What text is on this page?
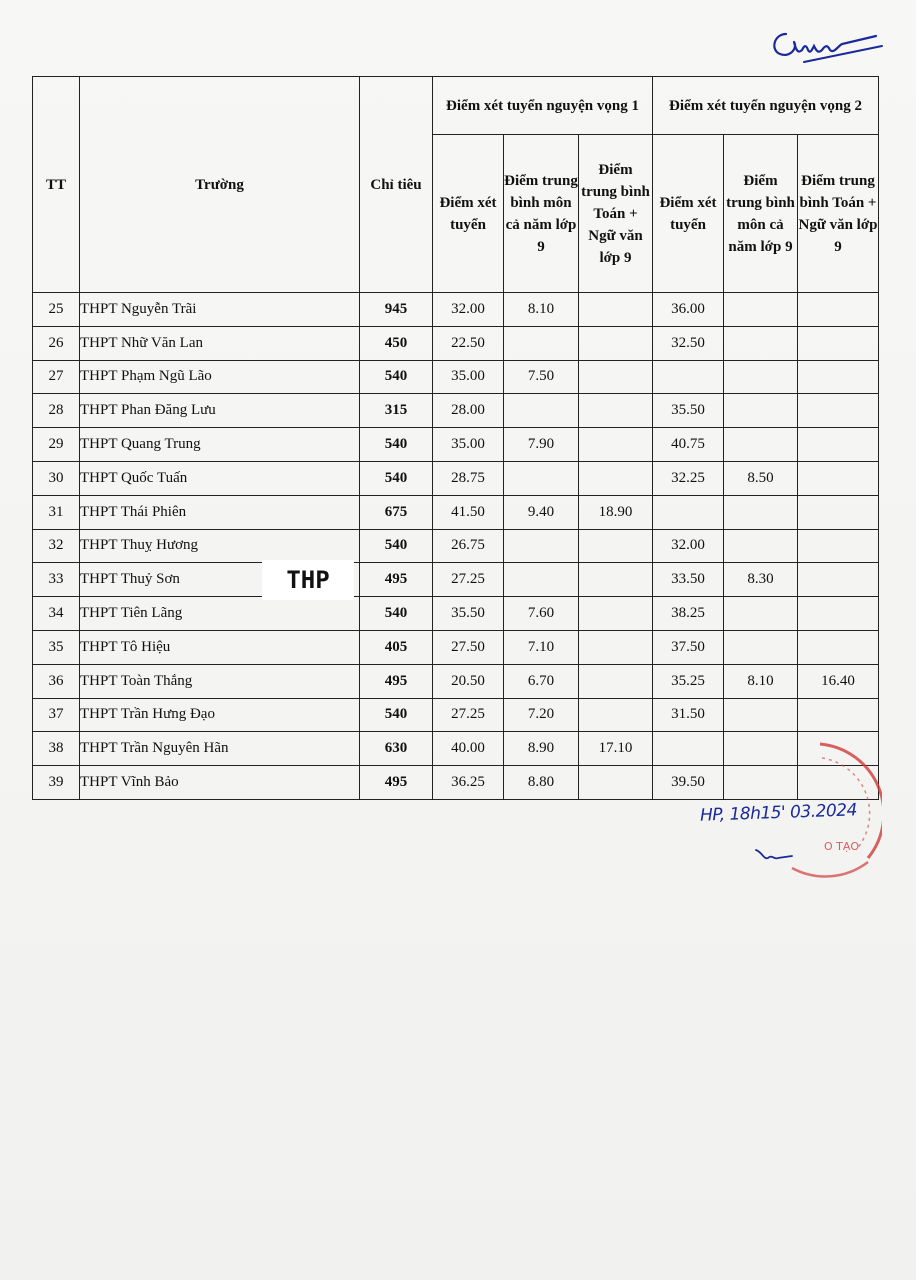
TT	Trường	Chỉ tiêu	Điểm xét tuyển nguyện vọng 1			Điểm xét tuyển nguyện vọng 2		
			Điểm xét tuyển	Điểm trung bình môn cả năm lớp 9	Điểm trung bình Toán + Ngữ văn lớp 9	Điểm xét tuyển	Điểm trung bình môn cả năm lớp 9	Điểm trung bình Toán + Ngữ văn lớp 9
25	THPT Nguyễn Trãi	945	32.00	8.10		36.00		
26	THPT Nhữ Văn Lan	450	22.50			32.50		
27	THPT Phạm Ngũ Lão	540	35.00	7.50				
28	THPT Phan Đăng Lưu	315	28.00			35.50		
29	THPT Quang Trung	540	35.00	7.90		40.75		
30	THPT Quốc Tuấn	540	28.75			32.25	8.50	
31	THPT Thái Phiên	675	41.50	9.40	18.90			
32	THPT Thuỵ Hương	540	26.75			32.00		
33	THPT Thuỷ Sơn	495	27.25			33.50	8.30	
34	THPT Tiên Lãng	540	35.50	7.60		38.25		
35	THPT Tô Hiệu	405	27.50	7.10		37.50		
36	THPT Toàn Thắng	495	20.50	6.70		35.25	8.10	16.40
37	THPT Trần Hưng Đạo	540	27.25	7.20		31.50		
38	THPT Trần Nguyên Hãn	630	40.00	8.90	17.10			
39	THPT Vĩnh Bảo	495	36.25	8.80		39.50		
THP
O TẠO
HP, 18h15' 03.2024
